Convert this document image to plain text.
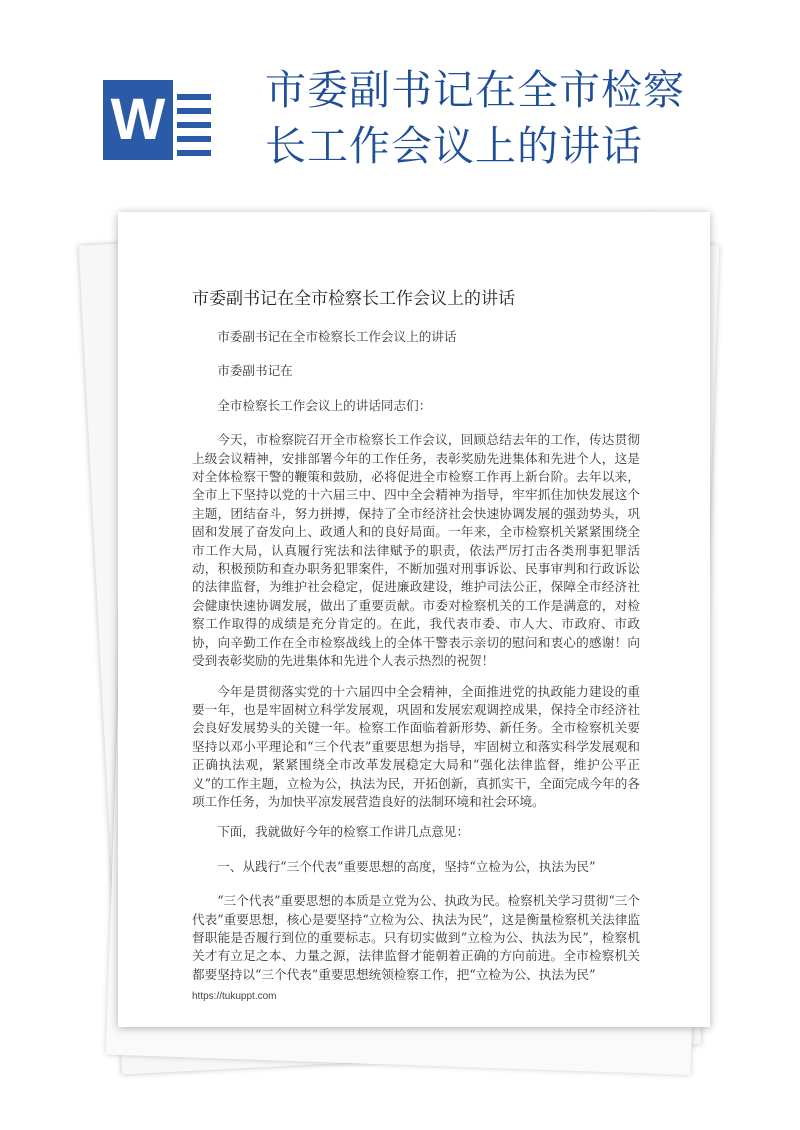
W 市委副书记在全市检察
长工作会议上的讲话
市委副书记在全市检察长工作会议上的讲话

市委副书记在全市检察长工作会议上的讲话

市委副书记在

全市检察长工作会议上的讲话同志们：

今天，市检察院召开全市检察长工作会议，回顾总结去年的工作，传达贯彻上级会议精神，安排部署今年的工作任务，表彰奖励先进集体和先进个人，这是对全体检察干警的鞭策和鼓励，必将促进全市检察工作再上新台阶。去年以来，全市上下坚持以党的十六届三中、四中全会精神为指导，牢牢抓住加快发展这个主题，团结奋斗，努力拼搏，保持了全市经济社会快速协调发展的强劲势头，巩固和发展了奋发向上、政通人和的良好局面。一年来，全市检察机关紧紧围绕全市工作大局，认真履行宪法和法律赋予的职责，依法严厉打击各类刑事犯罪活动，积极预防和查办职务犯罪案件，不断加强对刑事诉讼、民事审判和行政诉讼的法律监督，为维护社会稳定，促进廉政建设，维护司法公正，保障全市经济社会健康快速协调发展，做出了重要贡献。市委对检察机关的工作是满意的，对检察工作取得的成绩是充分肯定的。在此，我代表市委、市人大、市政府、市政协，向辛勤工作在全市检察战线上的全体干警表示亲切的慰问和衷心的感谢！向受到表彰奖励的先进集体和先进个人表示热烈的祝贺！

今年是贯彻落实党的十六届四中全会精神，全面推进党的执政能力建设的重要一年，也是牢固树立科学发展观，巩固和发展宏观调控成果，保持全市经济社会良好发展势头的关键一年。检察工作面临着新形势、新任务。全市检察机关要坚持以邓小平理论和“三个代表”重要思想为指导，牢固树立和落实科学发展观和正确执法观，紧紧围绕全市改革发展稳定大局和“强化法律监督，维护公平正义”的工作主题，立检为公，执法为民，开拓创新，真抓实干，全面完成今年的各项工作任务，为加快平凉发展营造良好的法制环境和社会环境。

下面，我就做好今年的检察工作讲几点意见：

一、从践行“三个代表”重要思想的高度，坚持“立检为公，执法为民”

“三个代表”重要思想的本质是立党为公、执政为民。检察机关学习贯彻“三个代表”重要思想，核心是要坚持“立检为公、执法为民”，这是衡量检察机关法律监督职能是否履行到位的重要标志。只有切实做到“立检为公、执法为民”，检察机关才有立足之本、力量之源，法律监督才能朝着正确的方向前进。全市检察机关都要坚持以“三个代表”重要思想统领检察工作，把“立检为公、执法为民”

https://tukuppt.com
